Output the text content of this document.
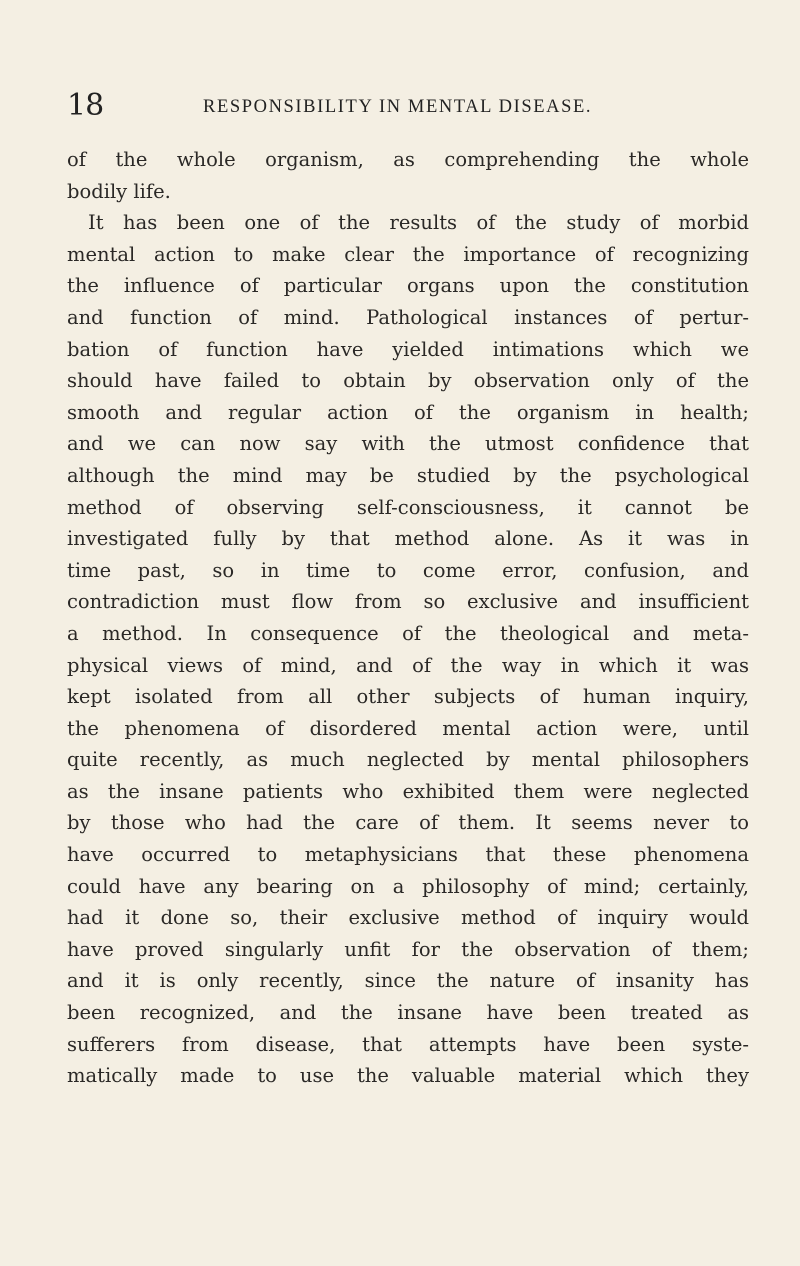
18	RESPONSIBILITY IN MENTAL DISEASE.
of the whole organism, as comprehending the whole
bodily life.
It has been one of the results of the study of morbid
mental action to make clear the importance of recognizing
the influence of particular organs upon the constitution
and function of mind. Pathological instances of pertur-
bation of function have yielded intimations which we
should have failed to obtain by observation only of the
smooth and regular action of the organism in health;
and we can now say with the utmost confidence that
although the mind may be studied by the psychological
method of observing self-consciousness, it cannot be
investigated fully by that method alone. As it was in
time past, so in time to come error, confusion, and
contradiction must flow from so exclusive and insufficient
a method. In consequence of the theological and meta-
physical views of mind, and of the way in which it was
kept isolated from all other subjects of human inquiry,
the phenomena of disordered mental action were, until
quite recently, as much neglected by mental philosophers
as the insane patients who exhibited them were neglected
by those who had the care of them. It seems never to
have occurred to metaphysicians that these phenomena
could have any bearing on a philosophy of mind; certainly,
had it done so, their exclusive method of inquiry would
have proved singularly unfit for the observation of them;
and it is only recently, since the nature of insanity has
been recognized, and the insane have been treated as
sufferers from disease, that attempts have been syste-
matically made to use the valuable material which they
